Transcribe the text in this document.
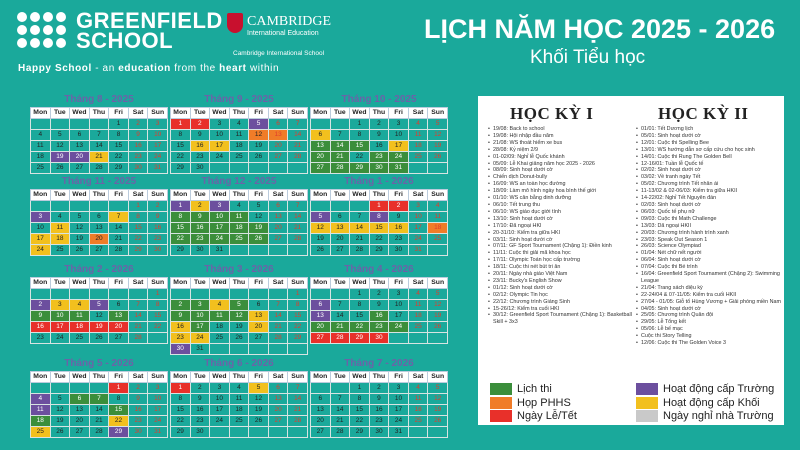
GREENFIELD
SCHOOL
CAMBRIDGE
International Education
Cambridge International School
Happy School - an education from the heart within
LỊCH NĂM HỌC 2025 - 2026
Khối Tiểu học
Tháng 8 - 2025
Mon	Tue	Wed	Thu	Fri	Sat	Sun
				1	2	3
4	5	6	7	8	9	10
11	12	13	14	15	16	17
18	19	20	21	22	23	24
25	26	27	28	29	30	31
Tháng 9 - 2025
Mon	Tue	Wed	Thu	Fri	Sat	Sun
1	2	3	4	5	6	7
8	9	10	11	12	13	14
15	16	17	18	19	20	21
22	23	24	25	26	27	28
29	30					
Tháng 10 - 2025
Mon	Tue	Wed	Thu	Fri	Sat	Sun
		1	2	3	4	5
6	7	8	9	10	11	12
13	14	15	16	17	18	19
20	21	22	23	24	25	26
27	28	29	30	31		
Tháng 11 - 2025
Mon	Tue	Wed	Thu	Fri	Sat	Sun
					1	2
3	4	5	6	7	8	9
10	11	12	13	14	15	16
17	18	19	20	21	22	23
24	25	26	27	28	29	30
Tháng 12 - 2025
Mon	Tue	Wed	Thu	Fri	Sat	Sun
1	2	3	4	5	6	7
8	9	10	11	12	13	14
15	16	17	18	19	20	21
22	23	24	25	26	27	28
29	30	31				
Tháng 1 - 2026
Mon	Tue	Wed	Thu	Fri	Sat	Sun
			1	2	3	4
5	6	7	8	9	10	11
12	13	14	15	16	17	18
19	20	21	22	23	24	25
26	27	28	29	30	31	
Tháng 2 - 2026
Mon	Tue	Wed	Thu	Fri	Sat	Sun
						1
2	3	4	5	6	7	8
9	10	11	12	13	14	15
16	17	18	19	20	21	22
23	24	25	26	27	28	
Tháng 3 - 2026
Mon	Tue	Wed	Thu	Fri	Sat	Sun
						1
2	3	4	5	6	7	8
9	10	11	12	13	14	15
16	17	18	19	20	21	22
23	24	25	26	27	28	29
30	31					
Tháng 4 - 2026
Mon	Tue	Wed	Thu	Fri	Sat	Sun
		1	2	3	4	5
6	7	8	9	10	11	12
13	14	15	16	17	18	19
20	21	22	23	24	25	26
27	28	29	30			
Tháng 5 - 2026
Mon	Tue	Wed	Thu	Fri	Sat	Sun
				1	2	3
4	5	6	7	8	9	10
11	12	13	14	15	16	17
18	19	20	21	22	23	24
25	26	27	28	29	30	31
Tháng 6 - 2026
Mon	Tue	Wed	Thu	Fri	Sat	Sun
1	2	3	4	5	6	7
8	9	10	11	12	13	14
15	16	17	18	19	20	21
22	23	24	25	26	27	28
29	30					
Tháng 7 - 2026
Mon	Tue	Wed	Thu	Fri	Sat	Sun
		1	2	3	4	5
6	7	8	9	10	11	12
13	14	15	16	17	18	19
20	21	22	23	24	25	26
27	28	29	30	31		
HỌC KỲ I	HỌC KỲ II
• 19/08: Back to school
• 19/08: Hội nhập đầu năm
• 21/08: WS thoát hiểm xe bus
• 28/08: Kỷ niệm 2/9
• 01-02/09: Nghỉ lễ Quốc khánh
• 05/09: Lễ Khai giảng năm học 2025 - 2026
• 08/09: Sinh hoạt dưới cờ
• Chiến dịch Donut-bully
• 16/09: WS an toàn học đường
• 18/09: Làm mô hình ngày hoa bình thế giới
• 01/10: WS cân bằng dinh dưỡng
• 06/10: Tết trung thu
• 06/10: WS giáo dục giới tính
• 13/10: Sinh hoạt dưới cờ
• 17/10: Đã ngoại HKI
• 20-31/10: Kiểm tra giữa HKI
• 03/11: Sinh hoạt dưới cờ
• 07/11: GF Sport Tournament (Chặng 1): Điền kinh
• 11/11: Cuộc thi giải mã khoa học
• 17/11: Olympic Toán học cấp trường
• 18/11: Cuộc thi nét bút tri ân
• 20/11: Ngày nhà giáo Việt Nam
• 23/11: Bucky's English Show
• 01/12: Sinh hoạt dưới cờ
• 02/12: Olympic Tin học
• 22/12: Chương trình Giáng Sinh
• 15-26/12: Kiểm tra cuối HKI
• 30/12: Greenfield Sport Tournament (Chặng 1): Basketball Skill + 3x3
• 01/01: Tết Dương lịch
• 05/01: Sinh hoạt dưới cờ
• 12/01: Cuộc thi Spelling Bee
• 13/01: WS hướng dẫn sơ cấp cứu cho học sinh
• 14/01: Cuộc thi Rung The Golden Bell
• 12-16/01: Tuần lễ Quốc tế
• 02/02: Sinh hoạt dưới cờ
• 03/02: Về tranh ngày Tết
• 05/02: Chương trình Tết nhân ái
• 11-13/02 & 02-06/03: Kiểm tra giữa HKII
• 14-22/02: Nghỉ Tết Nguyên đán
• 02/03: Sinh hoạt dưới cờ
• 06/03: Quốc tế phụ nữ
• 09/03: Cuộc thi Math Challenge
• 13/03: Dã ngoại HKII
• 20/03: Chương trình hành trình xanh
• 23/03: Speak Out Season 1
• 26/03: Science Olympiad
• 01/04: Nét chữ nết người
• 06/04: Sinh hoạt dưới cờ
• 07/04: Cuộc thi Bé trình
• 16/04: Greenfield Sport Tournament (Chặng 2): Swimming League
• 21/04: Trang sách diệu kỳ
• 22-24/04 & 07-11/05: Kiểm tra cuối HKII
• 27/04 - 01/05: Giỗ tổ Hùng Vương + Giải phóng miền Nam
• 04/05: Sinh hoạt dưới cờ
• 25/05: Chương trình Quân đội
• 29/05: Lễ Tổng kết
• 05/06: Lễ bế mạc
• Cuộc thi Story Telling
• 12/06: Cuộc thi The Golden Voice 3
Lịch thi	Hoạt động cấp Trường
Họp PHHS	Hoạt động cấp Khối
Ngày Lễ/Tết	Ngày nghỉ nhà Trường
